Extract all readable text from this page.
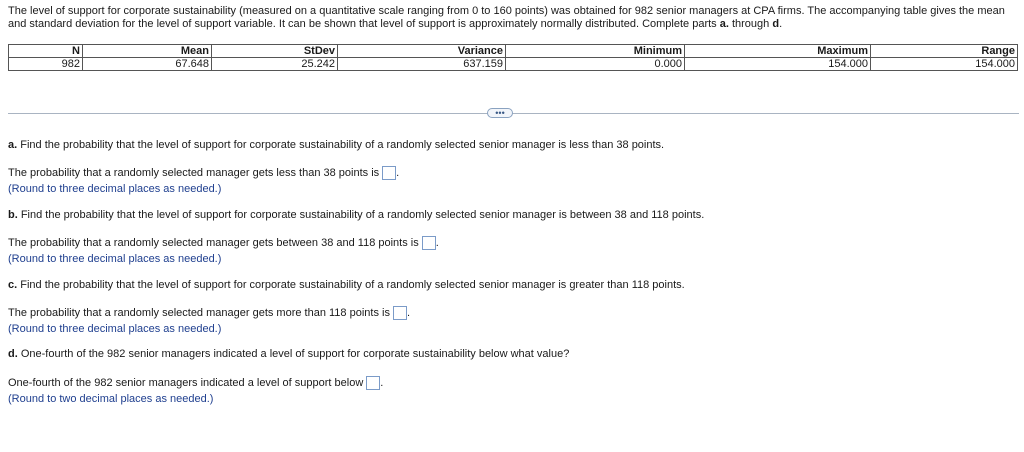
The level of support for corporate sustainability (measured on a quantitative scale ranging from 0 to 160 points) was obtained for 982 senior managers at CPA firms. The accompanying table gives the mean and standard deviation for the level of support variable. It can be shown that level of support is approximately normally distributed. Complete parts a. through d.
N	Mean	StDev	Variance	Minimum	Maximum	Range
982	67.648	25.242	637.159	0.000	154.000	154.000
•••
a. Find the probability that the level of support for corporate sustainability of a randomly selected senior manager is less than 38 points.
The probability that a randomly selected manager gets less than 38 points is .
(Round to three decimal places as needed.)
b. Find the probability that the level of support for corporate sustainability of a randomly selected senior manager is between 38 and 118 points.
The probability that a randomly selected manager gets between 38 and 118 points is .
(Round to three decimal places as needed.)
c. Find the probability that the level of support for corporate sustainability of a randomly selected senior manager is greater than 118 points.
The probability that a randomly selected manager gets more than 118 points is .
(Round to three decimal places as needed.)
d. One-fourth of the 982 senior managers indicated a level of support for corporate sustainability below what value?
One-fourth of the 982 senior managers indicated a level of support below .
(Round to two decimal places as needed.)
